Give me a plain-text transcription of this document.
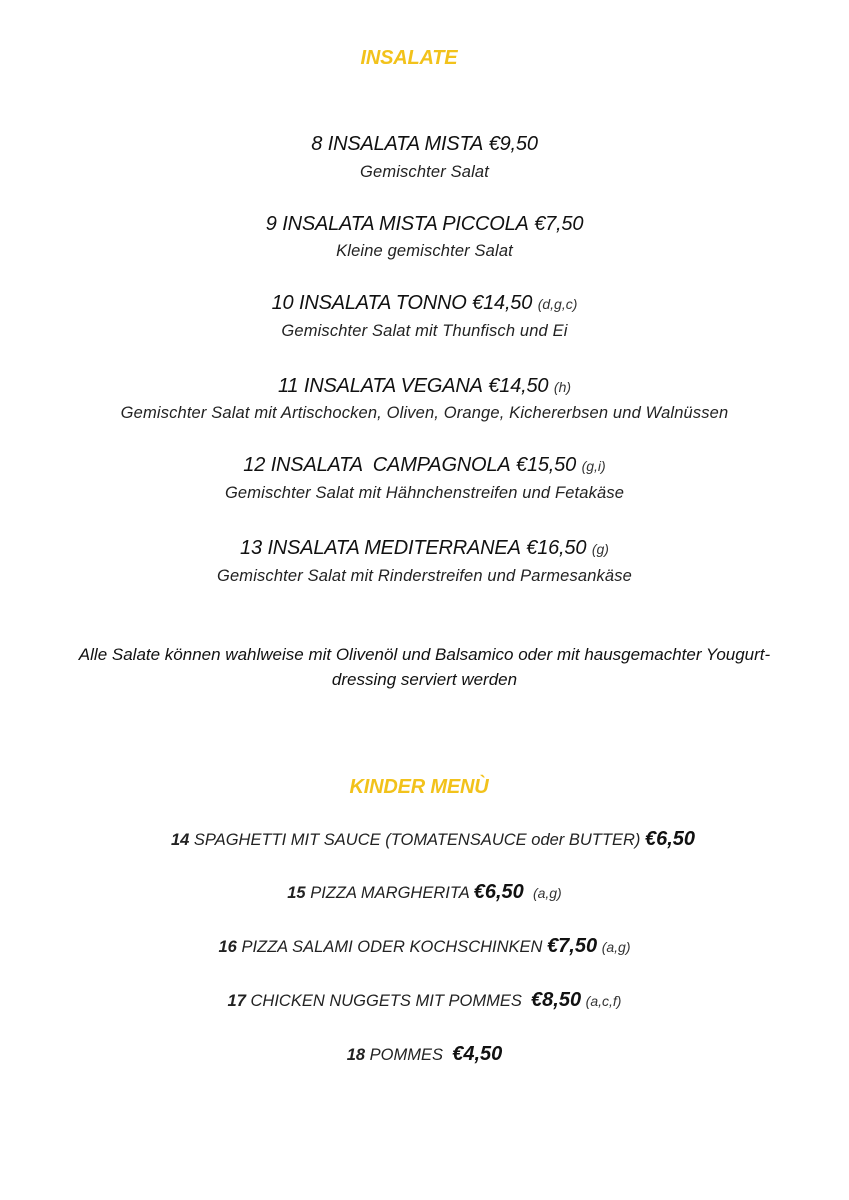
INSALATE
8 INSALATA MISTA €9,50
Gemischter Salat
9 INSALATA MISTA PICCOLA €7,50
Kleine gemischter Salat
10 INSALATA TONNO €14,50 (d,g,c)
Gemischter Salat mit Thunfisch und Ei
11 INSALATA VEGANA €14,50 (h)
Gemischter Salat mit Artischocken, Oliven, Orange, Kichererbsen und Walnüssen
12 INSALATA  CAMPAGNOLA €15,50 (g,i)
Gemischter Salat mit Hähnchenstreifen und Fetakäse
13 INSALATA MEDITERRANEA €16,50 (g)
Gemischter Salat mit Rinderstreifen und Parmesankäse
Alle Salate können wahlweise mit Olivenöl und Balsamico oder mit hausgemachter Yougurt- dressing serviert werden
KINDER MENÙ
14 SPAGHETTI MIT SAUCE (TOMATENSAUCE oder BUTTER) €6,50
15 PIZZA MARGHERITA €6,50 (a,g)
16 PIZZA SALAMI ODER KOCHSCHINKEN €7,50 (a,g)
17 CHICKEN NUGGETS MIT POMMES  €8,50 (a,c,f)
18 POMMES  €4,50
